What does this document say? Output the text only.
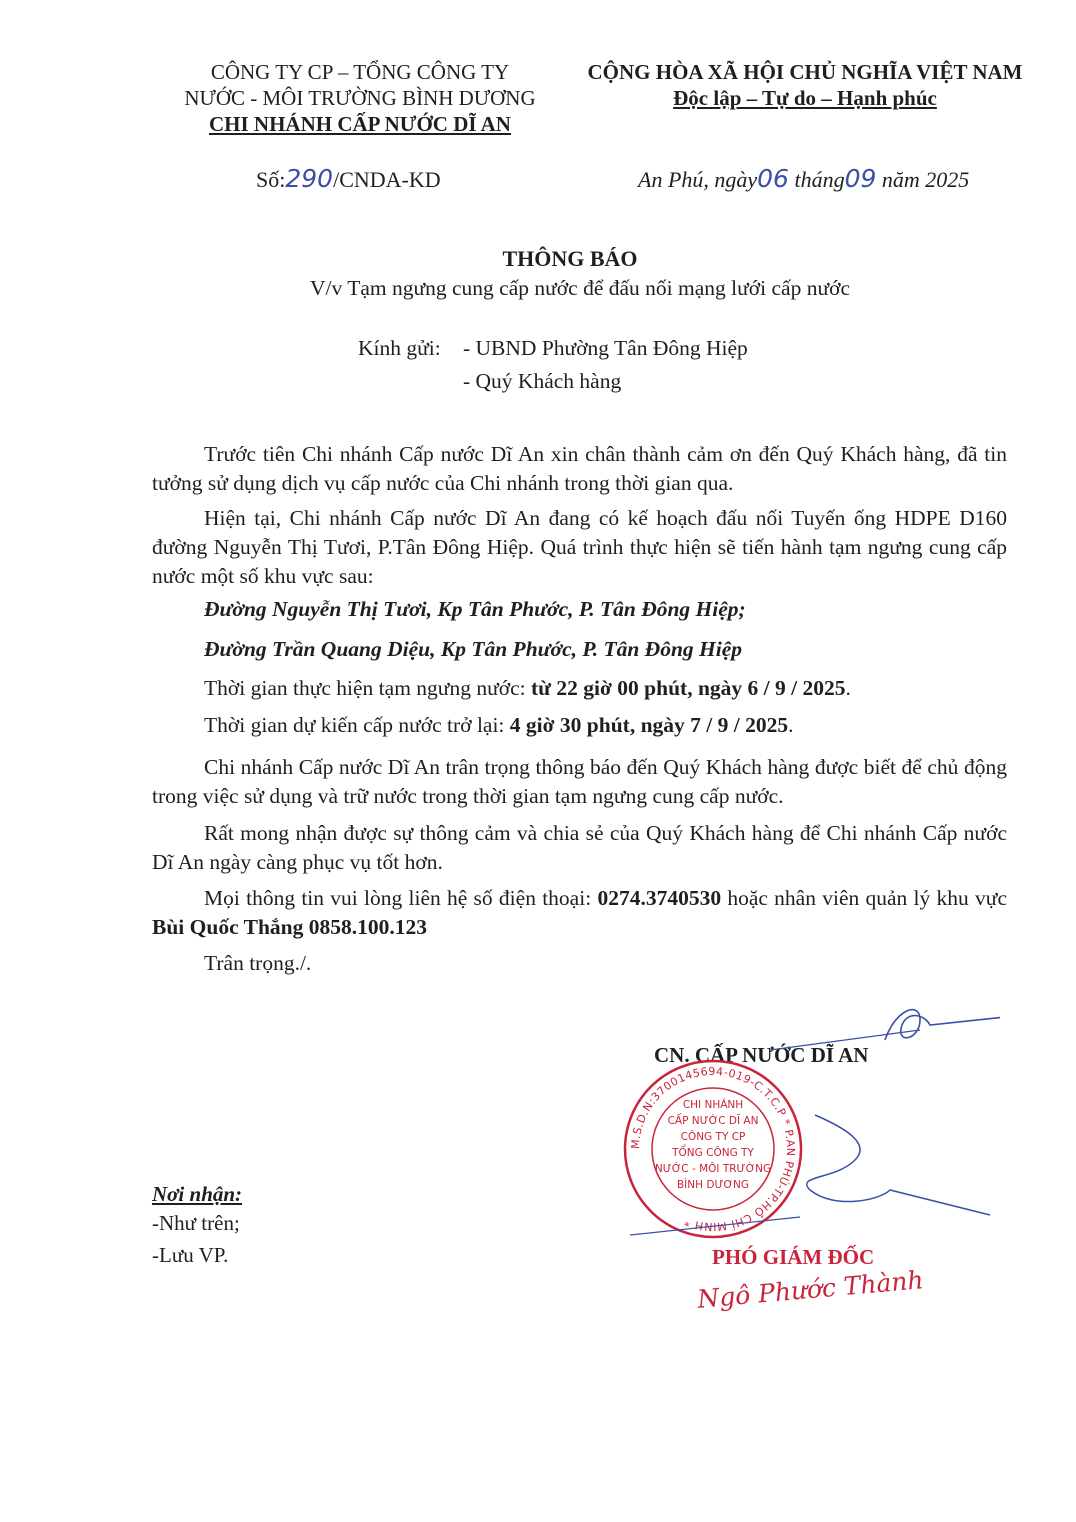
CÔNG TY CP – TỔNG CÔNG TY
NƯỚC - MÔI TRƯỜNG BÌNH DƯƠNG
CHI NHÁNH CẤP NƯỚC DĨ AN
CỘNG HÒA XÃ HỘI CHỦ NGHĨA VIỆT NAM
Độc lập – Tự do – Hạnh phúc
Số:290/CNDA-KD	An Phú, ngày06 tháng09 năm 2025
THÔNG BÁO
V/v Tạm ngưng cung cấp nước để đấu nối mạng lưới cấp nước
Kính gửi: - UBND Phường Tân Đông Hiệp
- Quý Khách hàng
Trước tiên Chi nhánh Cấp nước Dĩ An xin chân thành cảm ơn đến Quý Khách hàng, đã tin tưởng sử dụng dịch vụ cấp nước của Chi nhánh trong thời gian qua.
Hiện tại, Chi nhánh Cấp nước Dĩ An đang có kế hoạch đấu nối Tuyến ống HDPE D160 đường Nguyễn Thị Tươi, P.Tân Đông Hiệp. Quá trình thực hiện sẽ tiến hành tạm ngưng cung cấp nước một số khu vực sau:
Đường Nguyễn Thị Tươi, Kp Tân Phước, P. Tân Đông Hiệp;
Đường Trần Quang Diệu, Kp Tân Phước, P. Tân Đông Hiệp
Thời gian thực hiện tạm ngưng nước: từ 22 giờ 00 phút, ngày 6 / 9 / 2025.
Thời gian dự kiến cấp nước trở lại: 4 giờ 30 phút, ngày 7 / 9 / 2025.
Chi nhánh Cấp nước Dĩ An trân trọng thông báo đến Quý Khách hàng được biết để chủ động trong việc sử dụng và trữ nước trong thời gian tạm ngưng cung cấp nước.
Rất mong nhận được sự thông cảm và chia sẻ của Quý Khách hàng để Chi nhánh Cấp nước Dĩ An ngày càng phục vụ tốt hơn.
Mọi thông tin vui lòng liên hệ số điện thoại: 0274.3740530 hoặc nhân viên quản lý khu vực Bùi Quốc Thắng 0858.100.123
Trân trọng./.
CN. CẤP NƯỚC DĨ AN
M.S.D.N:3700145694-019-C.T.C.P * P.AN PHÚ-TP.HỒ CHÍ MINH *
CHI NHÁNH
CẤP NƯỚC DĨ AN
CÔNG TY CP
TỔNG CÔNG TY
NƯỚC - MÔI TRƯỜNG
BÌNH DƯƠNG
PHÓ GIÁM ĐỐC
Ngô Phước Thành
Nơi nhận:
-Như trên;
-Lưu VP.
